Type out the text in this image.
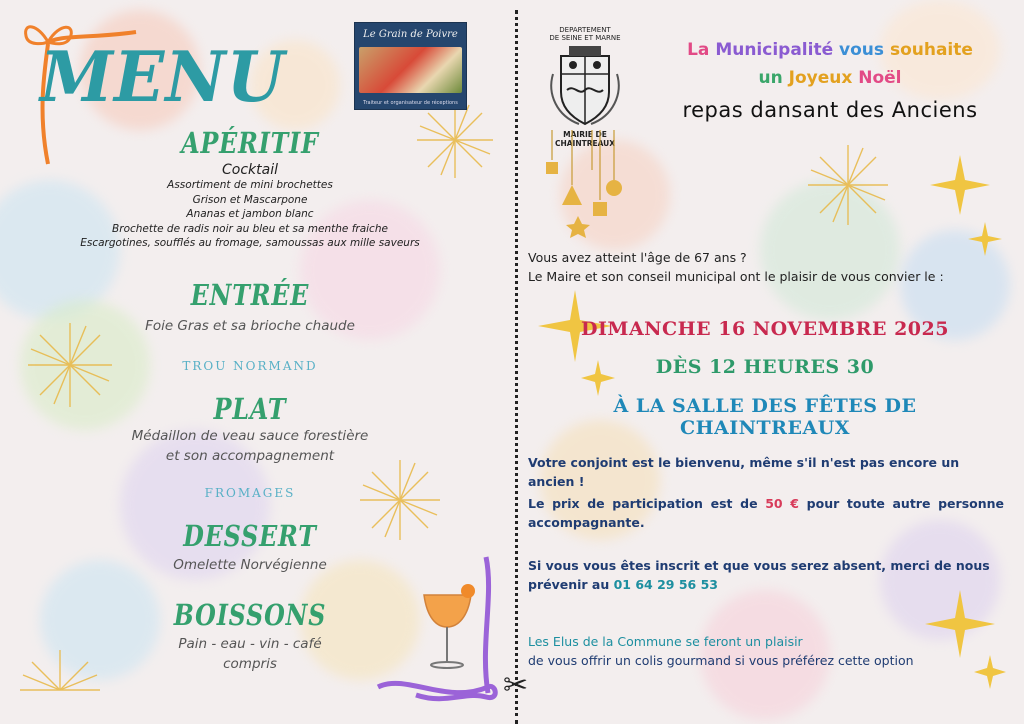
✂
MENU
Le Grain de Poivre
Traiteur et organisateur de réceptions
APÉRITIF
Cocktail
Assortiment de mini brochettes
Grison et Mascarpone
Ananas et jambon blanc
Brochette de radis noir au bleu et sa menthe fraiche
Escargotines, soufflés au fromage, samoussas aux mille saveurs
ENTRÉE
Foie Gras et sa brioche chaude
TROU NORMAND
PLAT
Médaillon de veau sauce forestière
et son accompagnement
FROMAGES
DESSERT
Omelette Norvégienne
BOISSONS
Pain - eau - vin - café
compris
DEPARTEMENT
DE SEINE ET MARNE
MAIRIE DE CHAINTREAUX
La Municipalité vous souhaite
un Joyeux Noël
repas dansant des Anciens
Vous avez atteint l'âge de 67 ans ?
Le Maire et son conseil municipal ont le plaisir de vous convier le :
DIMANCHE 16 NOVEMBRE 2025
DÈS 12 HEURES 30
À LA SALLE DES FÊTES DE CHAINTREAUX
Votre conjoint est le bienvenu, même s'il n'est pas encore un ancien !
Le prix de participation est de 50 € pour toute autre personne accompagnante.
Si vous vous êtes inscrit et que vous serez absent, merci de nous prévenir au 01 64 29 56 53
Les Elus de la Commune se feront un plaisir
de vous offrir un colis gourmand si vous préférez cette option
